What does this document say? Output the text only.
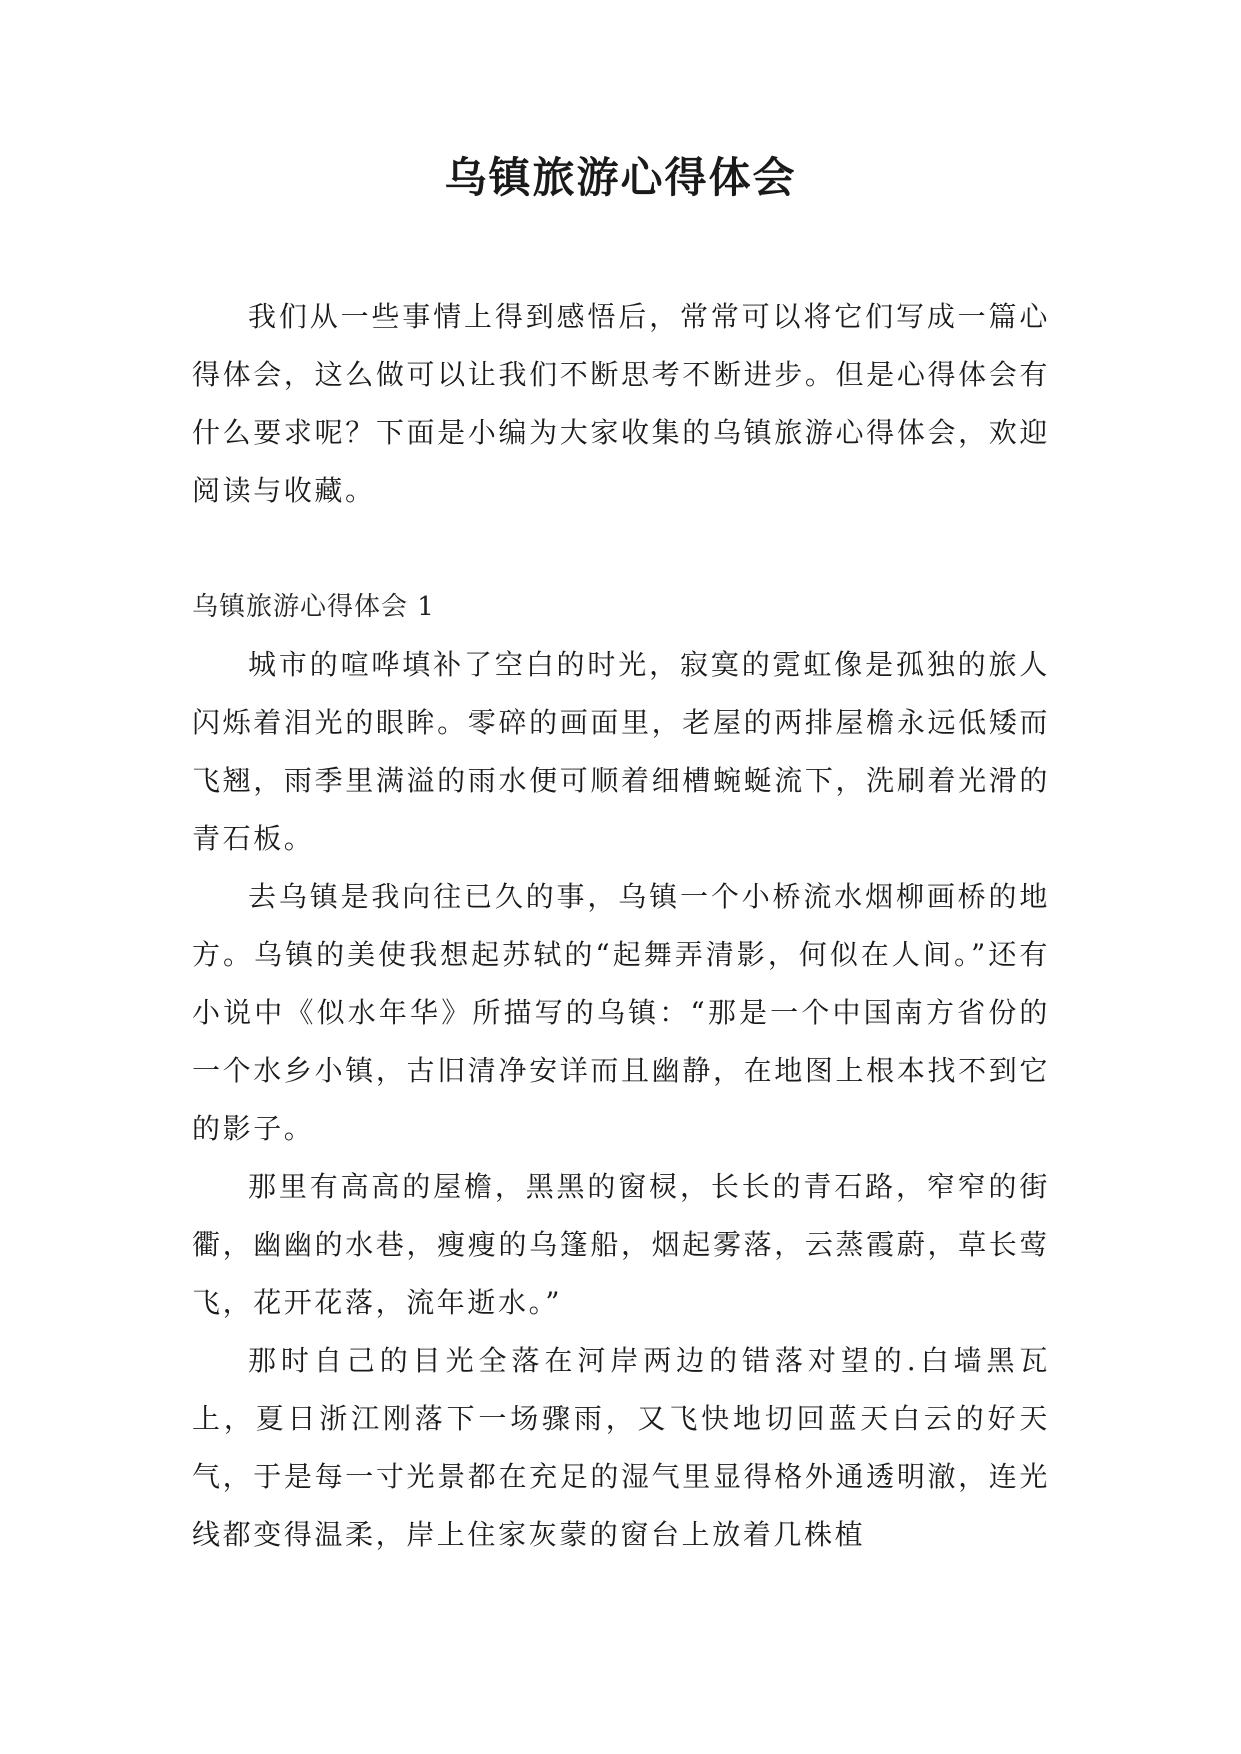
乌镇旅游心得体会

我们从一些事情上得到感悟后，常常可以将它们写成一篇心得体会，这么做可以让我们不断思考不断进步。但是心得体会有什么要求呢？下面是小编为大家收集的乌镇旅游心得体会，欢迎阅读与收藏。

乌镇旅游心得体会 1

城市的喧哗填补了空白的时光，寂寞的霓虹像是孤独的旅人闪烁着泪光的眼眸。零碎的画面里，老屋的两排屋檐永远低矮而飞翘，雨季里满溢的雨水便可顺着细槽蜿蜒流下，洗刷着光滑的青石板。

去乌镇是我向往已久的事，乌镇一个小桥流水烟柳画桥的地方。乌镇的美使我想起苏轼的“起舞弄清影，何似在人间。”还有小说中《似水年华》所描写的乌镇：“那是一个中国南方省份的一个水乡小镇，古旧清净安详而且幽静，在地图上根本找不到它的影子。

那里有高高的屋檐，黑黑的窗棂，长长的青石路，窄窄的街衢，幽幽的水巷，瘦瘦的乌篷船，烟起雾落，云蒸霞蔚，草长莺飞，花开花落，流年逝水。”

那时自己的目光全落在河岸两边的错落对望的.白墙黑瓦上，夏日浙江刚落下一场骤雨，又飞快地切回蓝天白云的好天气，于是每一寸光景都在充足的湿气里显得格外通透明澈，连光线都变得温柔，岸上住家灰蒙的窗台上放着几株植
